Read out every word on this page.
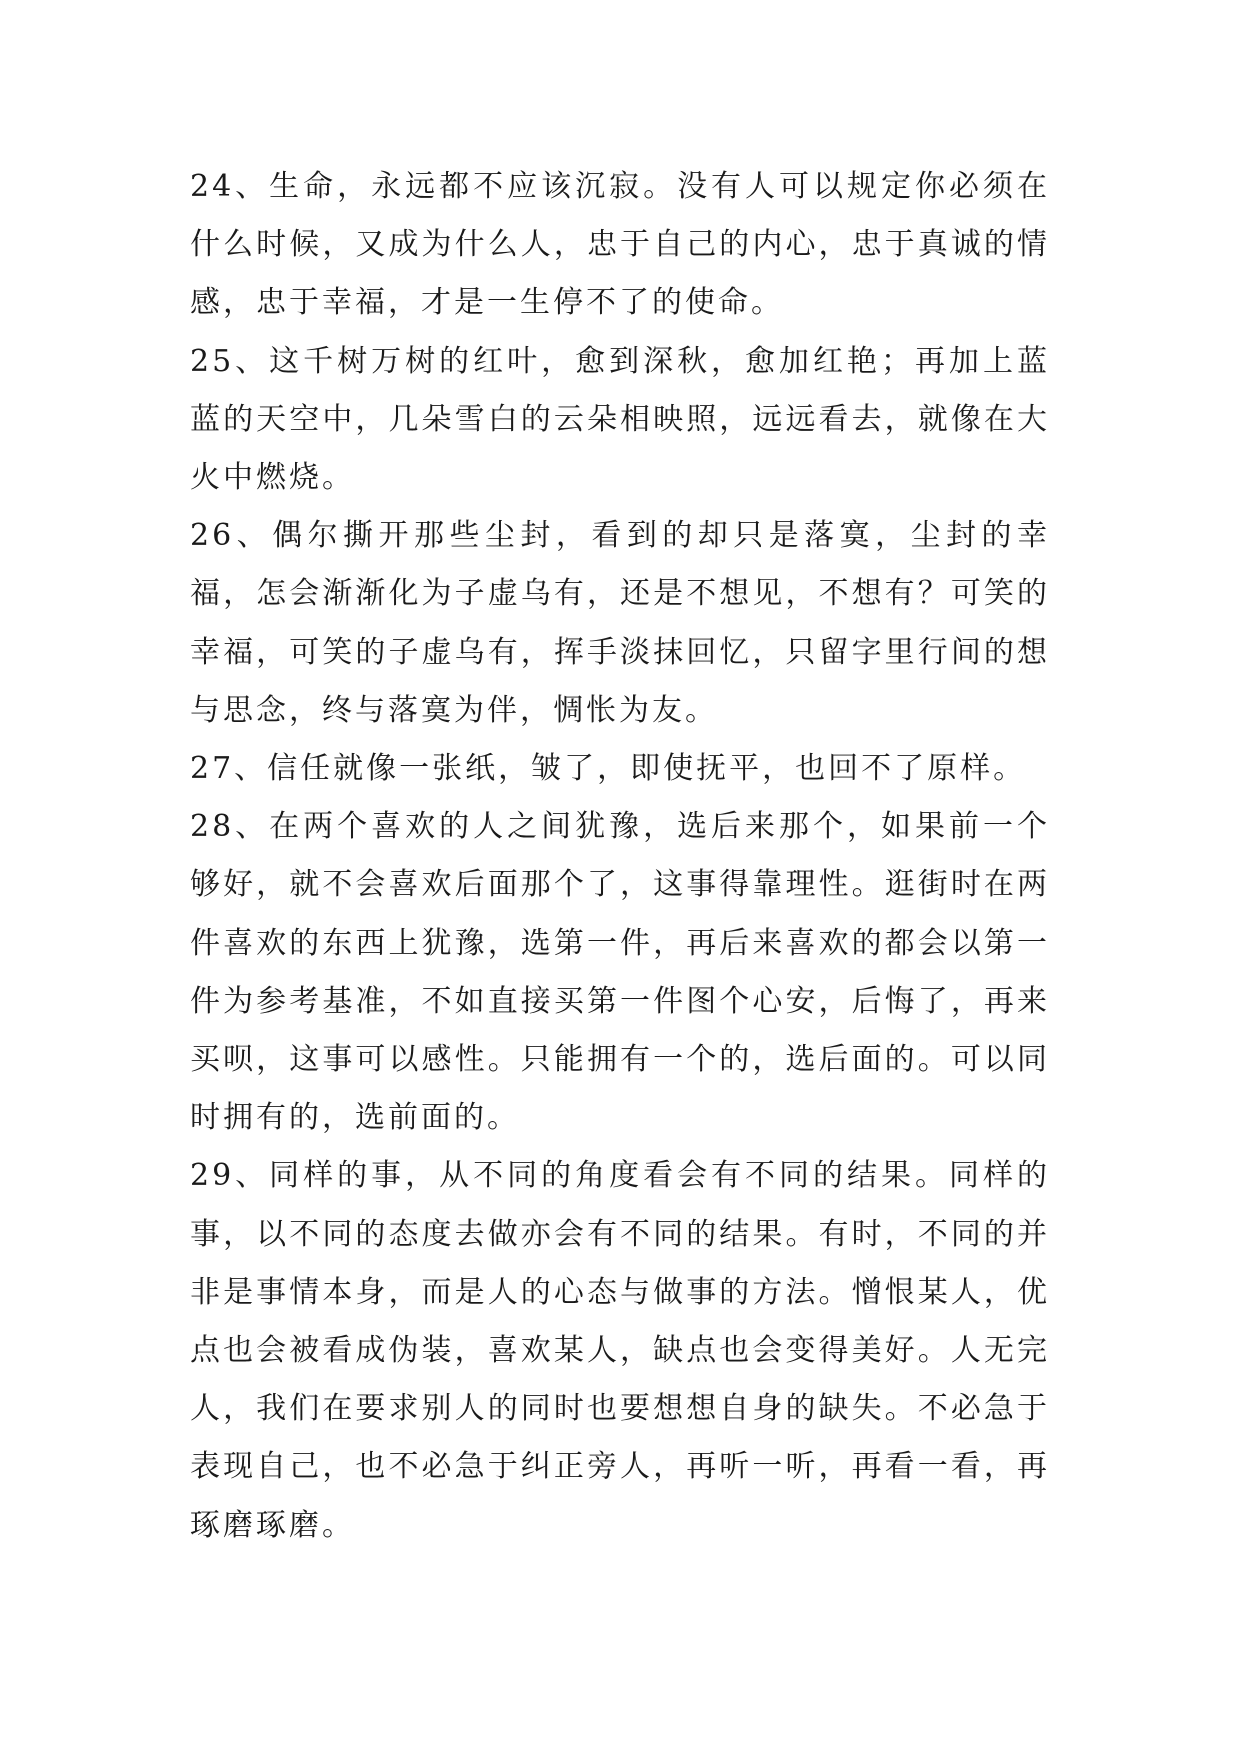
24、生命，永远都不应该沉寂。没有人可以规定你必须在什么时候，又成为什么人，忠于自己的内心，忠于真诚的情感，忠于幸福，才是一生停不了的使命。

25、这千树万树的红叶，愈到深秋，愈加红艳；再加上蓝蓝的天空中，几朵雪白的云朵相映照，远远看去，就像在大火中燃烧。

26、偶尔撕开那些尘封，看到的却只是落寞，尘封的幸福，怎会渐渐化为子虚乌有，还是不想见，不想有？可笑的幸福，可笑的子虚乌有，挥手淡抹回忆，只留字里行间的想与思念，终与落寞为伴，惆怅为友。

27、信任就像一张纸，皱了，即使抚平，也回不了原样。

28、在两个喜欢的人之间犹豫，选后来那个，如果前一个够好，就不会喜欢后面那个了，这事得靠理性。逛街时在两件喜欢的东西上犹豫，选第一件，再后来喜欢的都会以第一件为参考基准，不如直接买第一件图个心安，后悔了，再来买呗，这事可以感性。只能拥有一个的，选后面的。可以同时拥有的，选前面的。

29、同样的事，从不同的角度看会有不同的结果。同样的事，以不同的态度去做亦会有不同的结果。有时，不同的并非是事情本身，而是人的心态与做事的方法。憎恨某人，优点也会被看成伪装，喜欢某人，缺点也会变得美好。人无完人，我们在要求别人的同时也要想想自身的缺失。不必急于表现自己，也不必急于纠正旁人，再听一听，再看一看，再琢磨琢磨。
